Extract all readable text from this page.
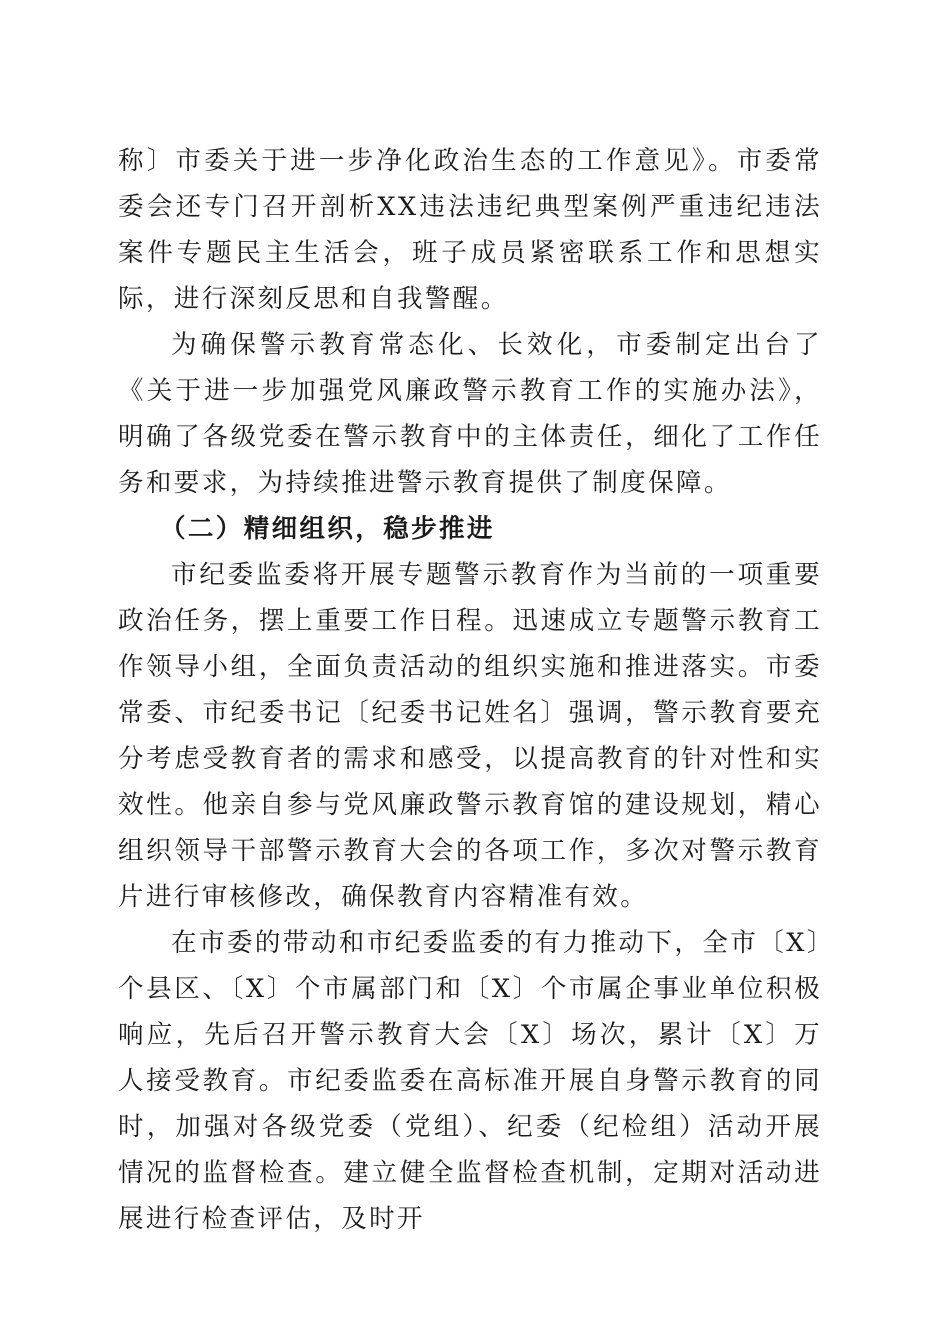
称〕市委关于进一步净化政治生态的工作意见》。市委常委会还专门召开剖析XX违法违纪典型案例严重违纪违法案件专题民主生活会，班子成员紧密联系工作和思想实际，进行深刻反思和自我警醒。

为确保警示教育常态化、长效化，市委制定出台了《关于进一步加强党风廉政警示教育工作的实施办法》，明确了各级党委在警示教育中的主体责任，细化了工作任务和要求，为持续推进警示教育提供了制度保障。

（二）精细组织，稳步推进

市纪委监委将开展专题警示教育作为当前的一项重要政治任务，摆上重要工作日程。迅速成立专题警示教育工作领导小组，全面负责活动的组织实施和推进落实。市委常委、市纪委书记〔纪委书记姓名〕强调，警示教育要充分考虑受教育者的需求和感受，以提高教育的针对性和实效性。他亲自参与党风廉政警示教育馆的建设规划，精心组织领导干部警示教育大会的各项工作，多次对警示教育片进行审核修改，确保教育内容精准有效。

在市委的带动和市纪委监委的有力推动下，全市〔X〕个县区、〔X〕个市属部门和〔X〕个市属企事业单位积极响应，先后召开警示教育大会〔X〕场次，累计〔X〕万人接受教育。市纪委监委在高标准开展自身警示教育的同时，加强对各级党委（党组）、纪委（纪检组）活动开展情况的监督检查。建立健全监督检查机制，定期对活动进展进行检查评估，及时开
